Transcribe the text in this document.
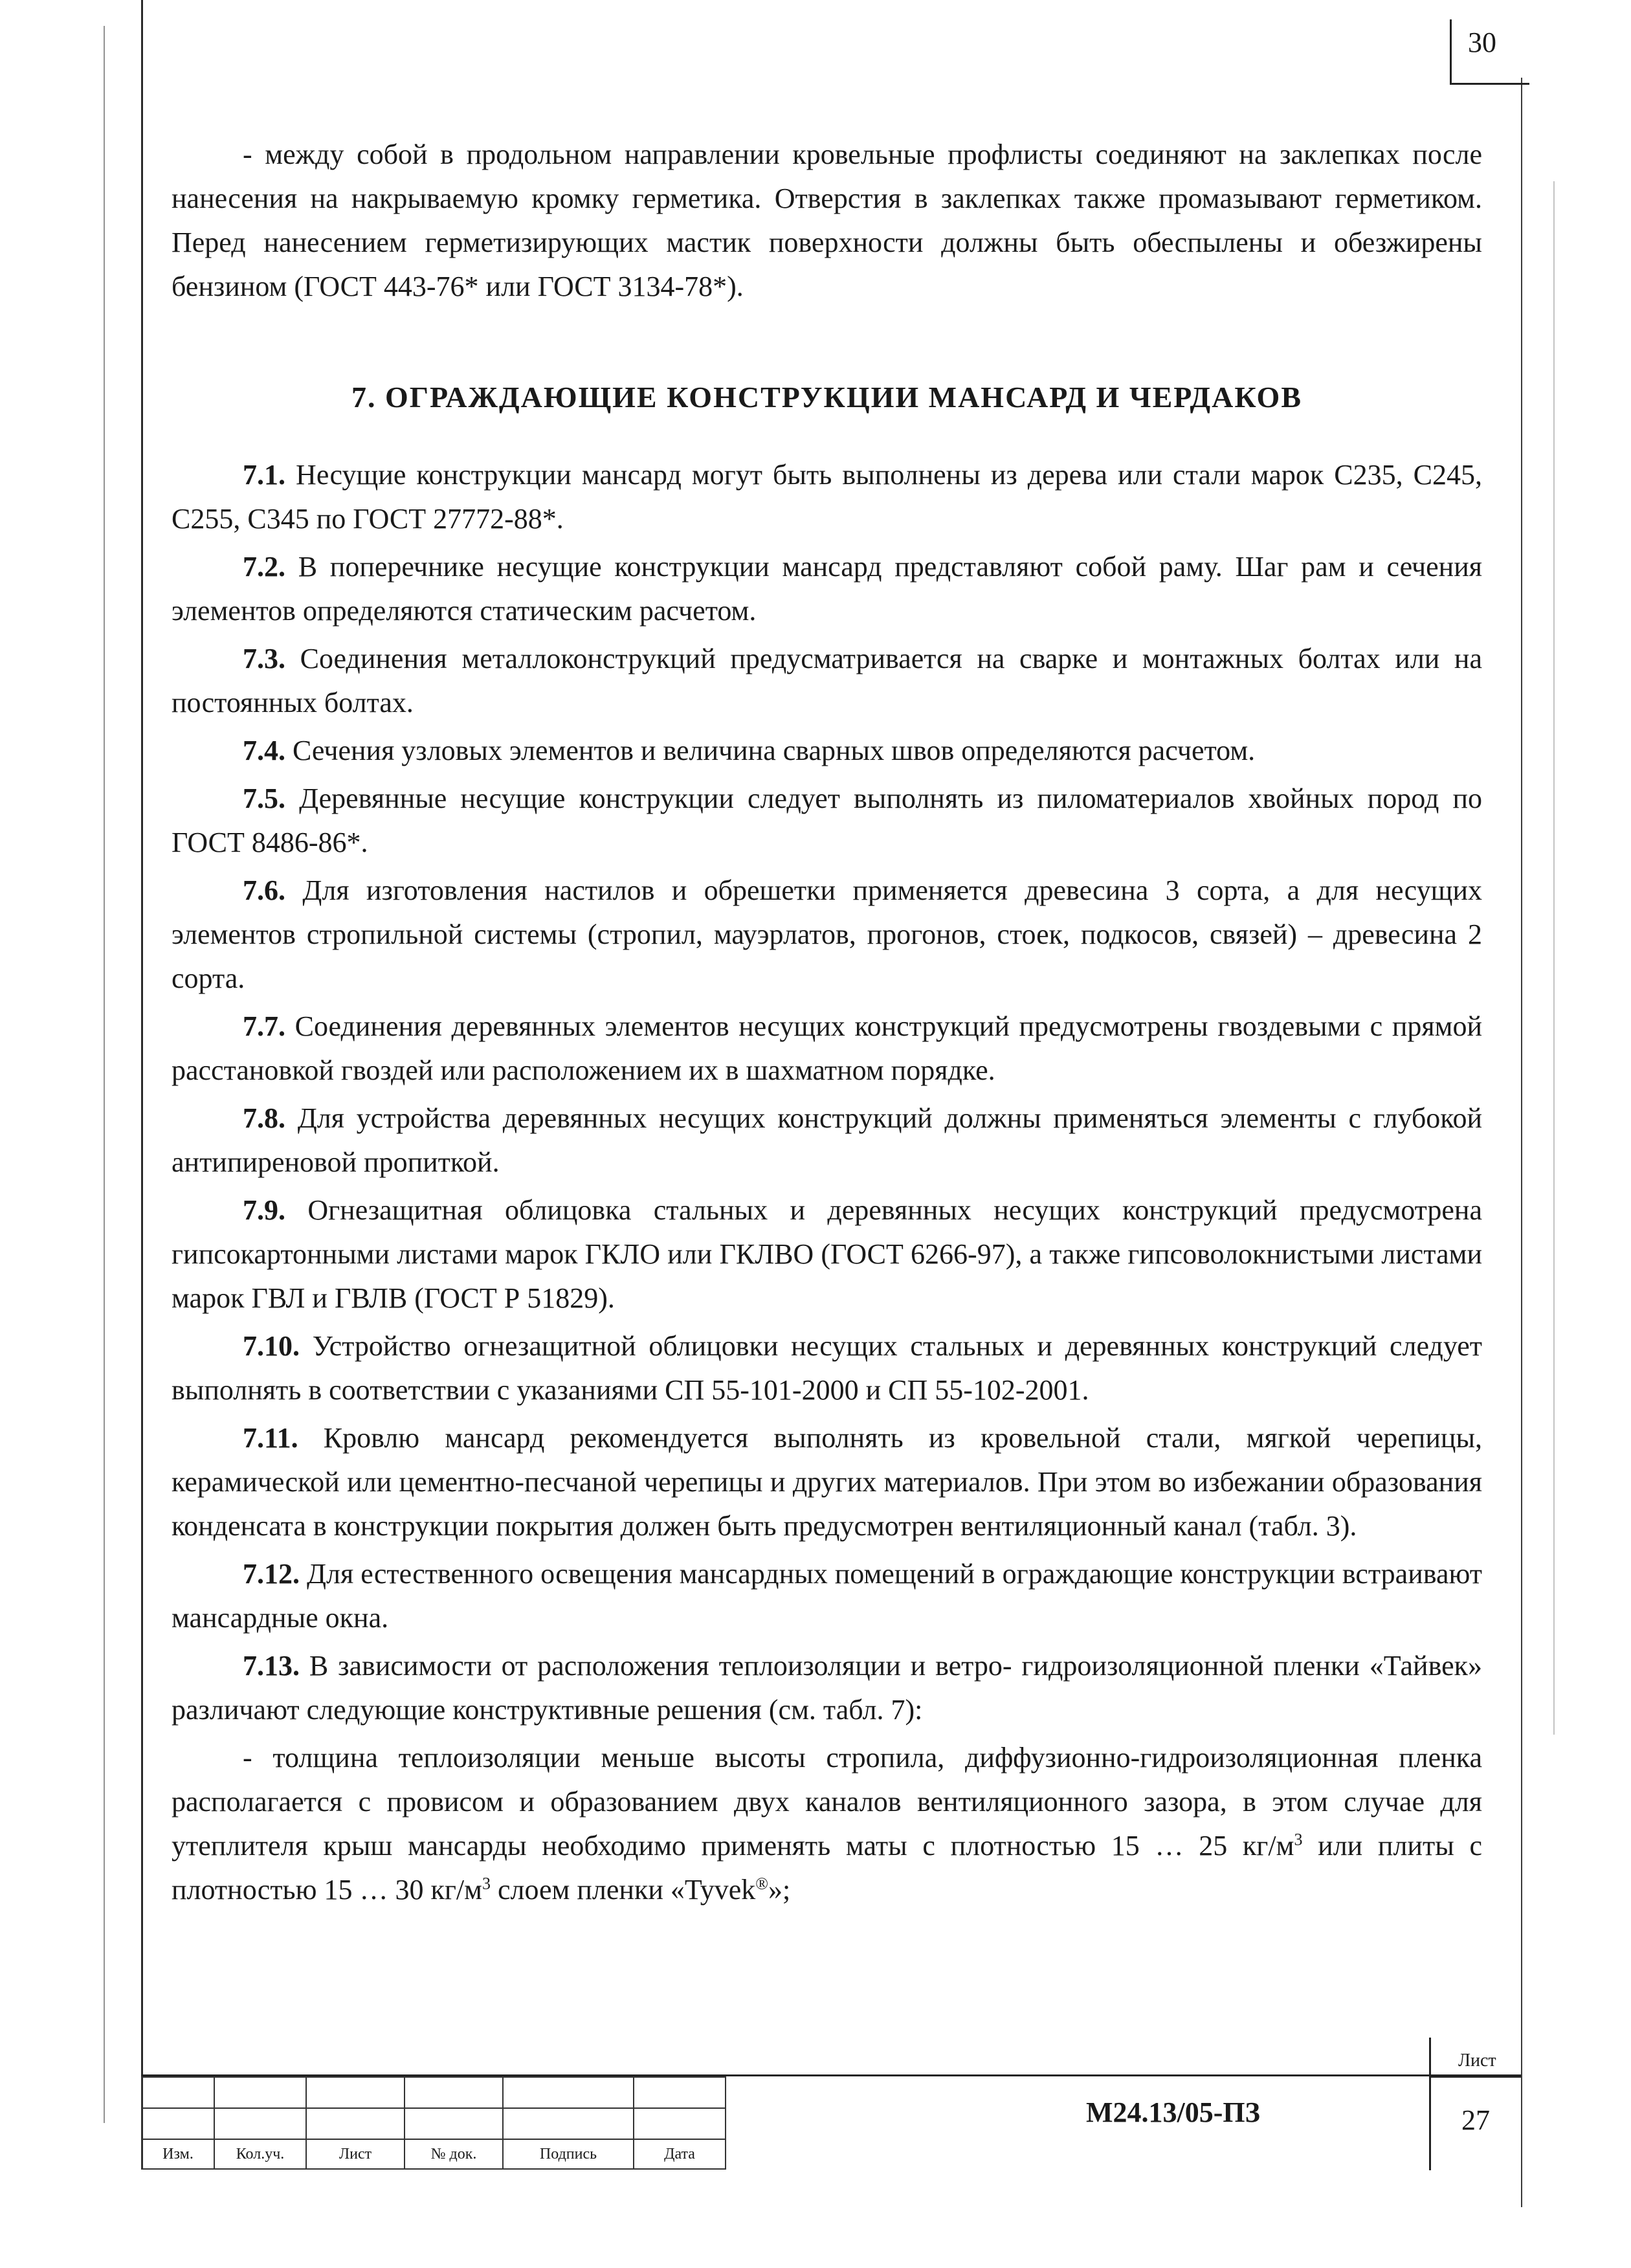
30

- между собой в продольном направлении кровельные профлисты соединяют на заклепках после нанесения на накрываемую кромку герметика. Отверстия в заклепках также промазывают герметиком. Перед нанесением герметизирующих мастик поверхности должны быть обеспылены и обезжирены бензином (ГОСТ 443-76* или ГОСТ 3134-78*).

7. ОГРАЖДАЮЩИЕ КОНСТРУКЦИИ МАНСАРД И ЧЕРДАКОВ

7.1. Несущие конструкции мансард могут быть выполнены из дерева или стали марок С235, С245, С255, С345 по ГОСТ 27772-88*.

7.2. В поперечнике несущие конструкции мансард представляют собой раму. Шаг рам и сечения элементов определяются статическим расчетом.

7.3. Соединения металлоконструкций предусматривается на сварке и монтажных болтах или на постоянных болтах.

7.4. Сечения узловых элементов и величина сварных швов определяются расчетом.

7.5. Деревянные несущие конструкции следует выполнять из пиломатериалов хвойных пород по ГОСТ 8486-86*.

7.6. Для изготовления настилов и обрешетки применяется древесина 3 сорта, а для несущих элементов стропильной системы (стропил, мауэрлатов, прогонов, стоек, подкосов, связей) – древесина 2 сорта.

7.7. Соединения деревянных элементов несущих конструкций предусмотрены гвоздевыми с прямой расстановкой гвоздей или расположением их в шахматном порядке.

7.8. Для устройства деревянных несущих конструкций должны применяться элементы с глубокой антипиреновой пропиткой.

7.9. Огнезащитная облицовка стальных и деревянных несущих конструкций предусмотрена гипсокартонными листами марок ГКЛО или ГКЛВО (ГОСТ 6266-97), а также гипсоволокнистыми листами марок ГВЛ и ГВЛВ (ГОСТ Р 51829).

7.10. Устройство огнезащитной облицовки несущих стальных и деревянных конструкций следует выполнять в соответствии с указаниями СП 55-101-2000 и СП 55-102-2001.

7.11. Кровлю мансард рекомендуется выполнять из кровельной стали, мягкой черепицы, керамической или цементно-песчаной черепицы и других материалов. При этом во избежании образования конденсата в конструкции покрытия должен быть предусмотрен вентиляционный канал (табл. 3).

7.12. Для естественного освещения мансардных помещений в ограждающие конструкции встраивают мансардные окна.

7.13. В зависимости от расположения теплоизоляции и ветро- гидроизоляционной пленки «Тайвек» различают следующие конструктивные решения (см. табл. 7):

- толщина теплоизоляции меньше высоты стропила, диффузионно-гидроизоляционная пленка располагается с провисом и образованием двух каналов вентиляционного зазора, в этом случае для утеплителя крыш мансарды необходимо применять маты с плотностью 15 … 25 $кг/м^3$ или плиты с плотностью 15 … 30 $кг/м^3$ слоем пленки «Tyvek®»;

Изм.	Кол.уч.	Лист	№ док.	Подпись	Дата
М24.13/05-ПЗ
Лист
27
